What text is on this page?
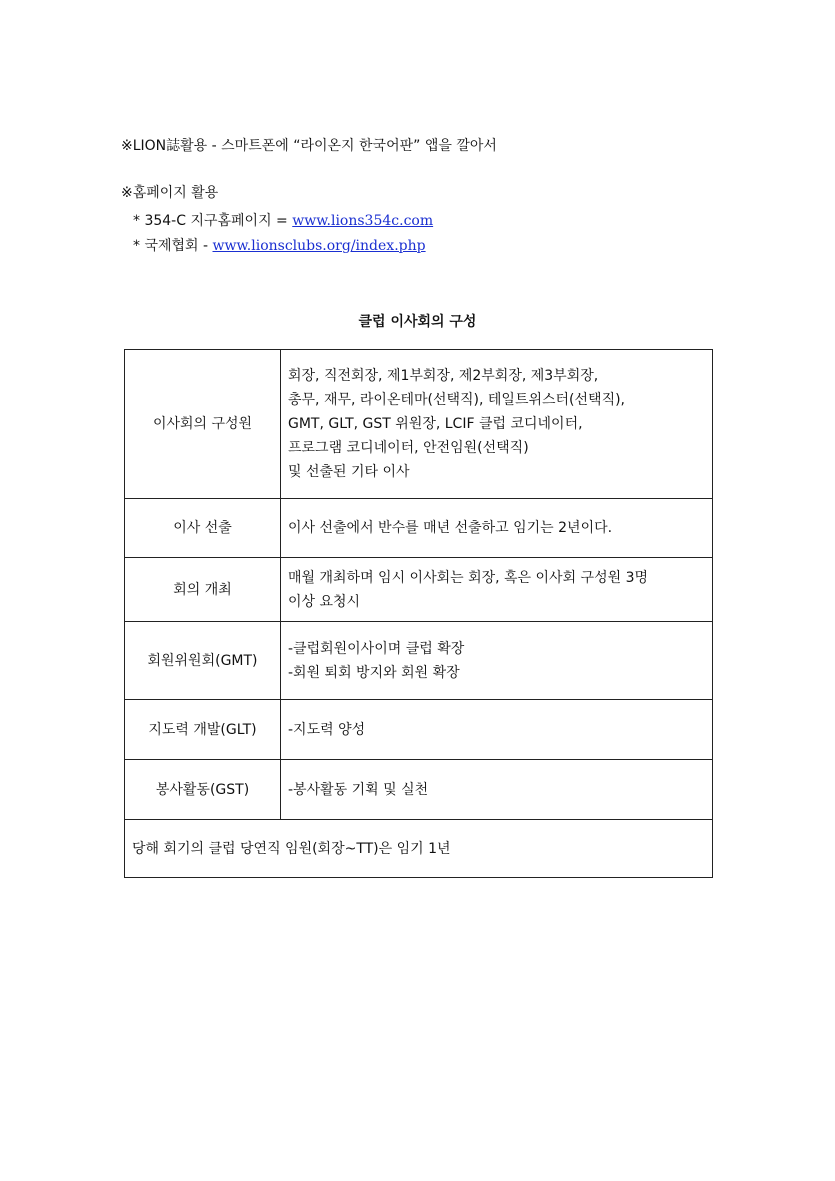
※LION誌활용 - 스마트폰에 “라이온지 한국어판” 앱을 깔아서
※홈페이지 활용
* 354-C 지구홈페이지 = www.lions354c.com
* 국제협회 - www.lionsclubs.org/index.php
클럽 이사회의 구성
이사회의 구성원	회장, 직전회장, 제1부회장, 제2부회장, 제3부회장,
총무, 재무, 라이온테마(선택직), 테일트위스터(선택직),
GMT, GLT, GST 위원장, LCIF 클럽 코디네이터,
프로그램 코디네이터, 안전임원(선택직)
및 선출된 기타 이사

이사 선출	이사 선출에서 반수를 매년 선출하고 임기는 2년이다.

회의 개최	매월 개최하며 임시 이사회는 회장, 혹은 이사회 구성원 3명
이상 요청시

회원위원회(GMT)	-클럽회원이사이며 클럽 확장
-회원 퇴회 방지와 회원 확장

지도력 개발(GLT)	-지도력 양성

봉사활동(GST)	-봉사활동 기획 및 실천

당해 회기의 클럽 당연직 임원(회장~TT)은 임기 1년	
